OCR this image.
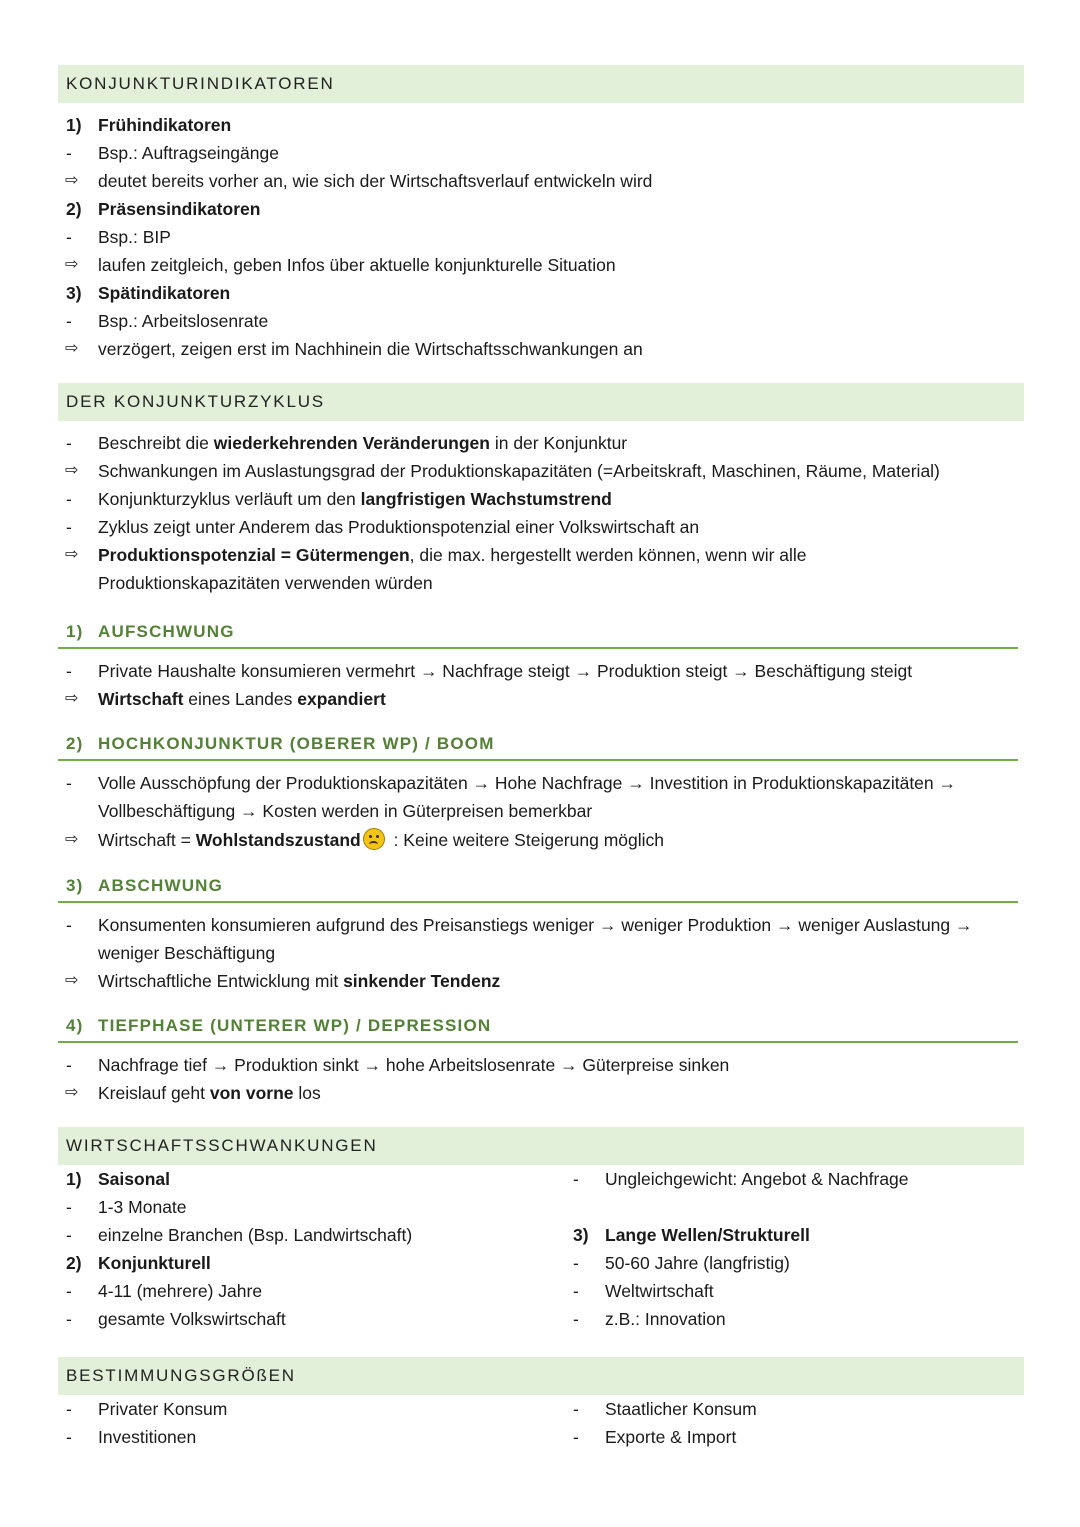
KONJUNKTURINDIKATOREN
1) Frühindikatoren
-	Bsp.: Auftragseingänge
⇨	deutet bereits vorher an, wie sich der Wirtschaftsverlauf entwickeln wird
2) Präsensindikatoren
-	Bsp.: BIP
⇨	laufen zeitgleich, geben Infos über aktuelle konjunkturelle Situation
3) Spätindikatoren
-	Bsp.: Arbeitslosenrate
⇨	verzögert, zeigen erst im Nachhinein die Wirtschaftsschwankungen an
DER KONJUNKTURZYKLUS
-	Beschreibt die wiederkehrenden Veränderungen in der Konjunktur
⇨	Schwankungen im Auslastungsgrad der Produktionskapazitäten (=Arbeitskraft, Maschinen, Räume, Material)
-	Konjunkturzyklus verläuft um den langfristigen Wachstumstrend
-	Zyklus zeigt unter Anderem das Produktionspotenzial einer Volkswirtschaft an
⇨	Produktionspotenzial = Gütermengen, die max. hergestellt werden können, wenn wir alle
Produktionskapazitäten verwenden würden
1) AUFSCHWUNG
-	Private Haushalte konsumieren vermehrt → Nachfrage steigt → Produktion steigt → Beschäftigung steigt
⇨	Wirtschaft eines Landes expandiert
2) HOCHKONJUNKTUR (OBERER WP) / BOOM
-	Volle Ausschöpfung der Produktionskapazitäten → Hohe Nachfrage → Investition in Produktionskapazitäten →
Vollbeschäftigung → Kosten werden in Güterpreisen bemerkbar
⇨	Wirtschaft = Wohlstandszustand
: Keine weitere Steigerung möglich
3) ABSCHWUNG
-	Konsumenten konsumieren aufgrund des Preisanstiegs weniger → weniger Produktion → weniger Auslastung →
weniger Beschäftigung
⇨	Wirtschaftliche Entwicklung mit sinkender Tendenz
4) TIEFPHASE (UNTERER WP) / DEPRESSION
-	Nachfrage tief → Produktion sinkt → hohe Arbeitslosenrate → Güterpreise sinken
⇨	Kreislauf geht von vorne los
WIRTSCHAFTSSCHWANKUNGEN
1) Saisonal
-	1-3 Monate
-	einzelne Branchen (Bsp. Landwirtschaft)
2) Konjunkturell
-	4-11 (mehrere) Jahre
-	gesamte Volkswirtschaft
-	Ungleichgewicht: Angebot & Nachfrage
3) Lange Wellen/Strukturell
-	50-60 Jahre (langfristig)
-	Weltwirtschaft
-	z.B.: Innovation
BESTIMMUNGSGRÖßEN
-	Privater Konsum
-	Investitionen
-	Staatlicher Konsum
-	Exporte & Import
